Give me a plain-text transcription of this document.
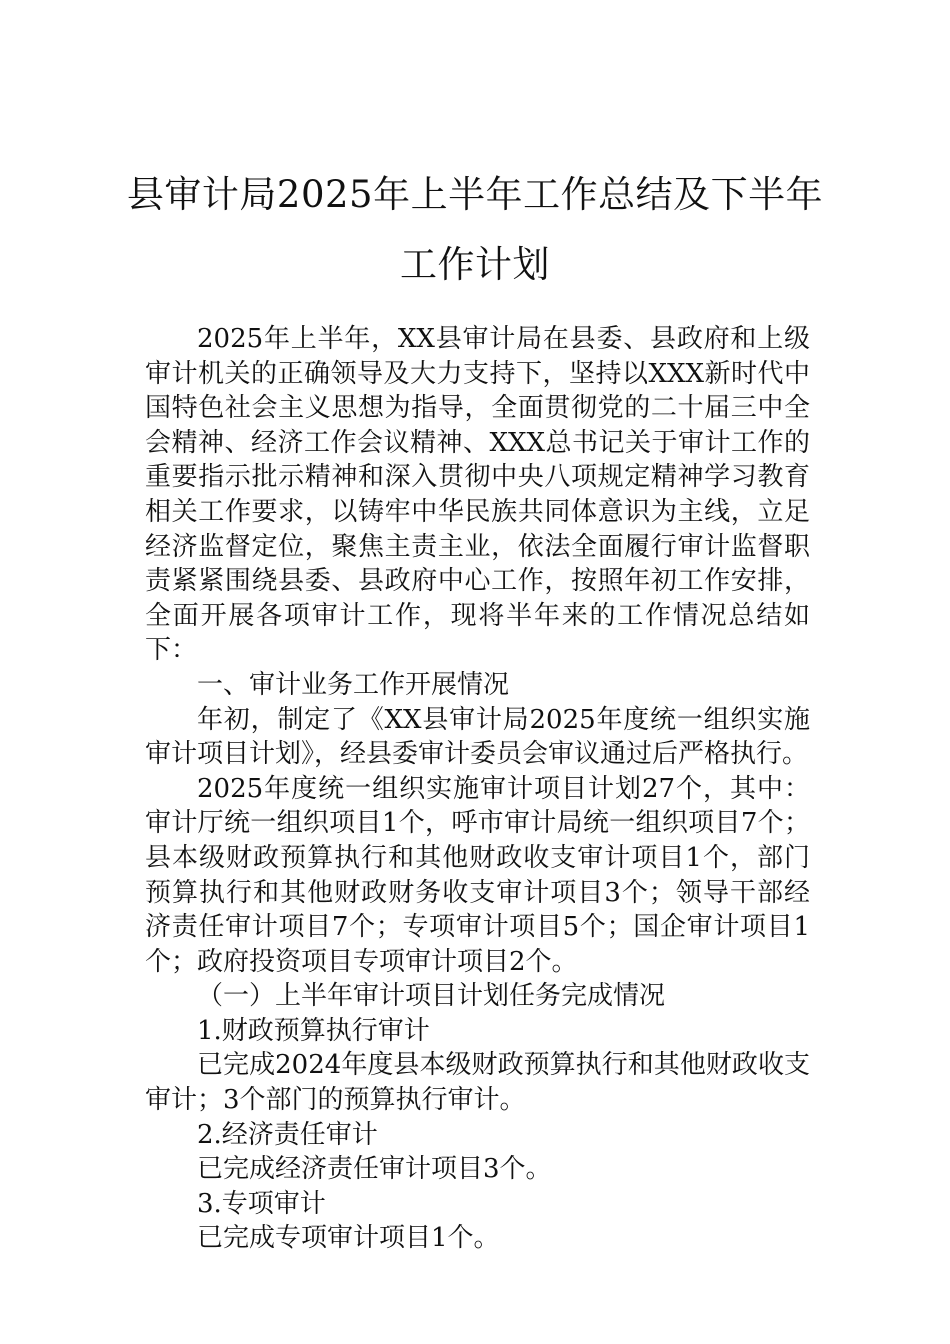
县审计局2025年上半年工作总结及下半年
工作计划

2025年上半年，XX县审计局在县委、县政府和上级审计机关的正确领导及大力支持下，坚持以XXX新时代中国特色社会主义思想为指导，全面贯彻党的二十届三中全会精神、经济工作会议精神、XXX总书记关于审计工作的重要指示批示精神和深入贯彻中央八项规定精神学习教育相关工作要求，以铸牢中华民族共同体意识为主线，立足经济监督定位，聚焦主责主业，依法全面履行审计监督职责紧紧围绕县委、县政府中心工作，按照年初工作安排，全面开展各项审计工作，现将半年来的工作情况总结如下：

一、审计业务工作开展情况

年初，制定了《XX县审计局2025年度统一组织实施审计项目计划》，经县委审计委员会审议通过后严格执行。

2025年度统一组织实施审计项目计划27个，其中：审计厅统一组织项目1个，呼市审计局统一组织项目7个；县本级财政预算执行和其他财政收支审计项目1个，部门预算执行和其他财政财务收支审计项目3个；领导干部经济责任审计项目7个；专项审计项目5个；国企审计项目1个；政府投资项目专项审计项目2个。

（一）上半年审计项目计划任务完成情况

1.财政预算执行审计

已完成2024年度县本级财政预算执行和其他财政收支审计；3个部门的预算执行审计。

2.经济责任审计

已完成经济责任审计项目3个。

3.专项审计

已完成专项审计项目1个。
